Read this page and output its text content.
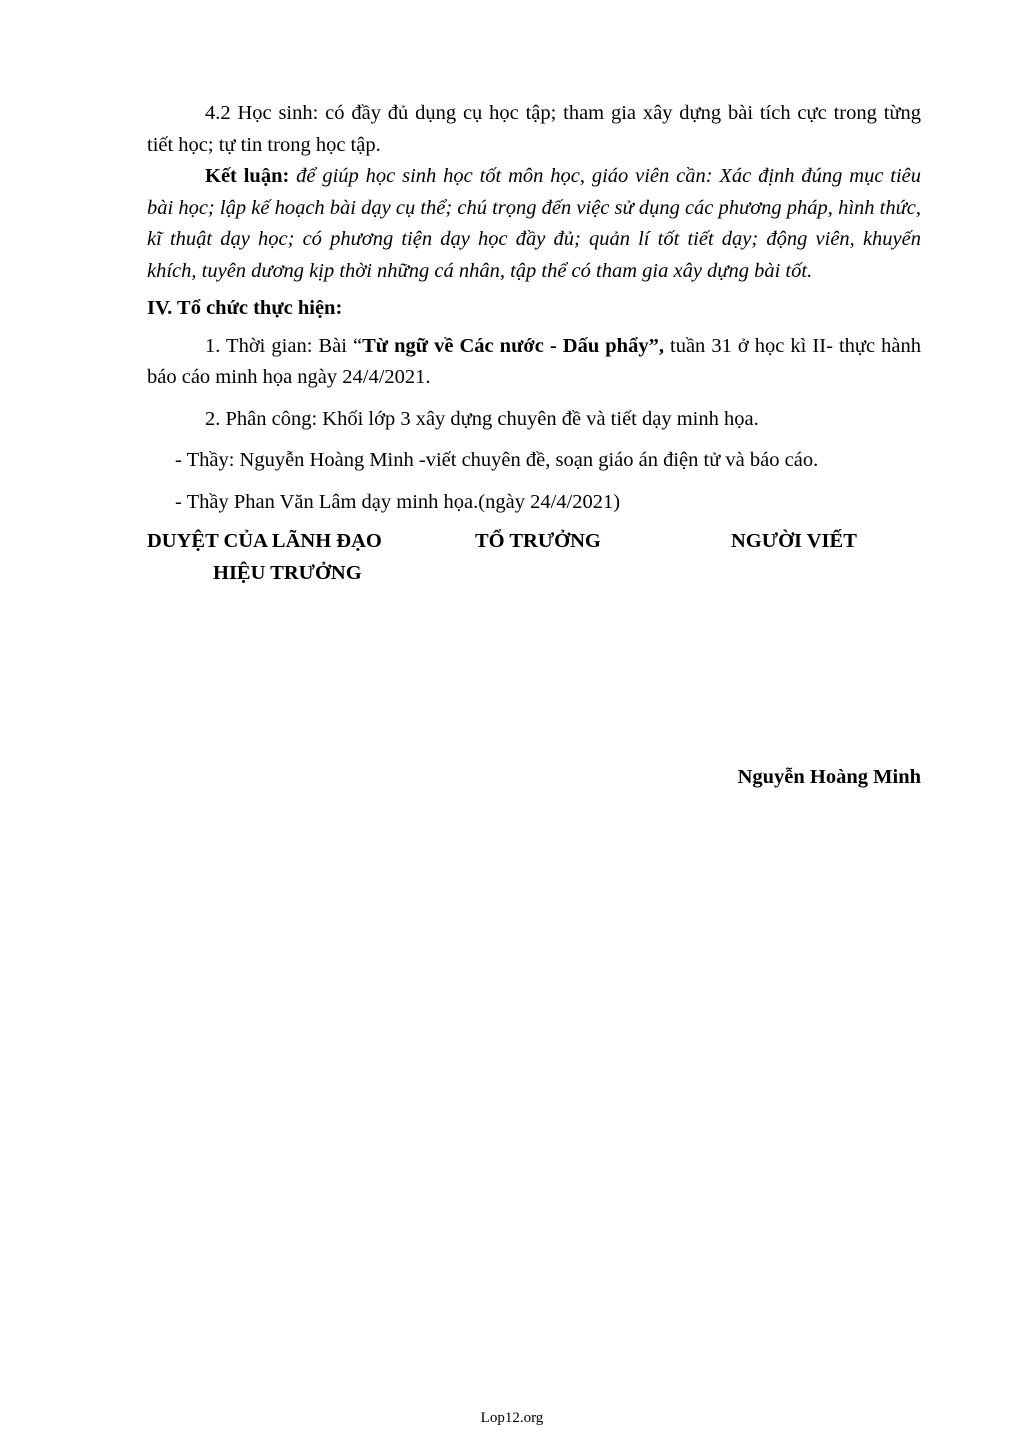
4.2 Học sinh: có đầy đủ dụng cụ học tập; tham gia xây dựng bài tích cực trong từng tiết học; tự tin trong học tập.

Kết luận: để giúp học sinh học tốt môn học, giáo viên cần: Xác định đúng mục tiêu bài học; lập kế hoạch bài dạy cụ thể; chú trọng đến việc sử dụng các phương pháp, hình thức, kĩ thuật dạy học; có phương tiện dạy học đầy đủ; quản lí tốt tiết dạy; động viên, khuyến khích, tuyên dương kịp thời những cá nhân, tập thể có tham gia xây dựng bài tốt.

IV. Tổ chức thực hiện:

1. Thời gian: Bài “Từ ngữ về Các nước - Dấu phẩy”, tuần 31 ở học kì II- thực hành báo cáo minh họa ngày 24/4/2021.

2. Phân công: Khối lớp 3 xây dựng chuyên đề và tiết dạy minh họa.

- Thầy: Nguyễn Hoàng Minh -viết chuyên đề, soạn giáo án điện tử và báo cáo.

- Thầy Phan Văn Lâm dạy minh họa.(ngày 24/4/2021)

DUYỆT CỦA LÃNH ĐẠO
HIỆU TRƯỞNG
TỔ TRƯỞNG	NGƯỜI VIẾT
Nguyễn Hoàng Minh
Lop12.org
